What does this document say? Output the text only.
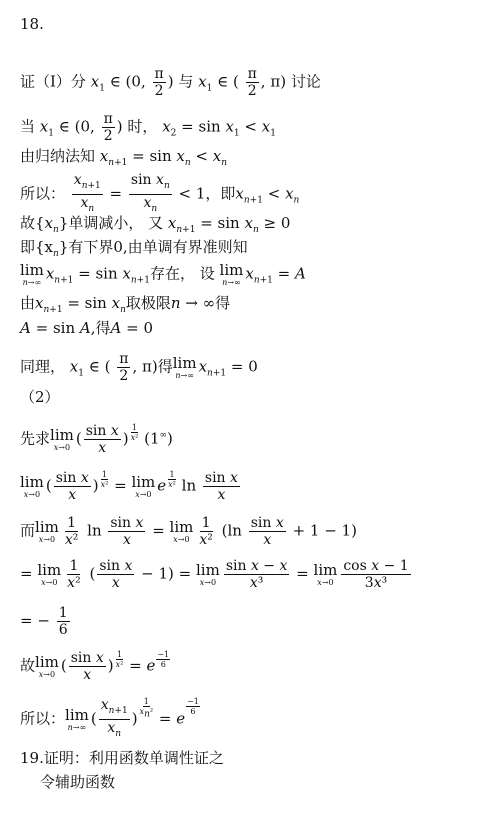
18.
证（I）分 $x_1$ ∈ (0, $\frac{\pi}{2}$ ) 与 $x_1$ ∈ ( $\frac{\pi}{2}$ , π) 讨论
当 $x_1$ ∈ (0, $\frac{\pi}{2}$ ) 时， $x_2 = \sin x_1 < x_1$
由归纳法知 $x_{n+1} = \sin x_n < x_n$
所以： $\frac{x_{n+1}}{x_n} = \frac{\sin x_n}{x_n} < 1$，即$x_{n+1} < x_n$
故$\{x_n\}$单调减小， 又 $x_{n+1} = \sin x_n \ge 0$
即$\{x_n\}$有下界0,由单调有界准则知
lim
n→∞ $x_{n+1} = \sin x_{n+1}$存在， 设 lim
n→∞ $x_{n+1} = A$
由$x_{n+1} = \sin x_n$取极限n → ∞得
A = sin A,得A = 0
同理， $x_1$ ∈ ( $\frac{\pi}{2}$ , π)得 lim
n→∞ $x_{n+1} = 0$
（2）
先求 lim
x→0 ( $\frac{\text{sin x}}{x}$ ) $\frac{1}{\text{x²}} (1^\infty)$
lim
x→0 ( $\frac{\text{sin x}}{x}$ ) $\frac{1}{\text{x²}} = \lim$
x→0 e $\frac{1}{\text{x²}}$ $\ln \frac{\text{sin x}}{x}$
而 lim
$x\to 0 \frac{1}{\text{x²}}$ $\ln \frac{\text{sin x}}{x} = \lim$
$x\to 0 \frac{1}{\text{x²}} (\ln \frac{\text{sin x}}{x} + 1 - 1)$
= lim
$x\to 0 \frac{1}{\text{x²}}$ ( $\frac{\text{sin x}}{x} - 1) = \lim$
$x\to 0 \frac{\text{sin x − x}}{\text{x³}} = \lim$
$x\to 0 \frac{\text{cos x − 1}}{\text{3x³}}$
= − $\frac{1}{6}$
故 lim
x→0 ( $\frac{\text{sin x}}{x}$ ) $\frac{1}{\text{x²}} = e \frac{-1}{6}$
所以： lim
n→∞ ( $\frac{x_{n+1}}{x_n}$ ) $\frac{1}{x_n^2} = e$
$\frac{-1}{6}$
19.证明：利用函数单调性证之
令辅助函数
